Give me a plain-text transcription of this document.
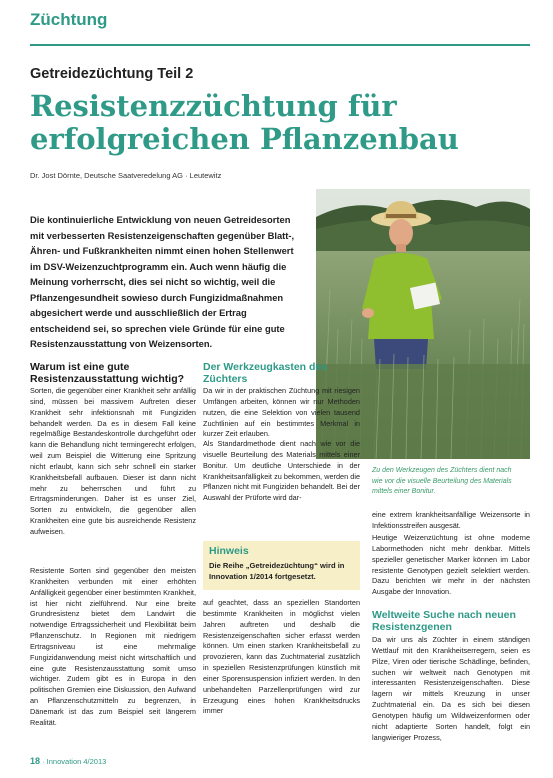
Züchtung
Getreidezüchtung Teil 2
Resistenzzüchtung für erfolgreichen Pflanzenbau
Dr. Jost Dörnte, Deutsche Saatveredelung AG · Leutewitz
Die kontinuierliche Entwicklung von neuen Getreidesorten mit verbesserten Resistenzeigenschaften gegenüber Blatt-, Ähren- und Fußkrankheiten nimmt einen hohen Stellenwert im DSV-Weizenzuchtprogramm ein. Auch wenn häufig die Meinung vorherrscht, dies sei nicht so wichtig, weil die Pflanzengesundheit sowieso durch Fungizidmaßnahmen abgesichert werde und ausschließlich der Ertrag entscheidend sei, so sprechen viele Gründe für eine gute Resistenzausstattung von Weizensorten.
Zu den Werkzeugen des Züchters dient nach wie vor die visuelle Beurteilung des Materials mittels einer Bonitur.
Warum ist eine gute Resistenzausstattung wichtig?
Sorten, die gegenüber einer Krankheit sehr anfällig sind, müssen bei massivem Auftreten dieser Krankheit sehr infektionsnah mit Fungiziden behandelt werden. Da es in diesem Fall keine regelmäßige Bestandeskontrolle durchgeführt oder kann die Behandlung nicht termingerecht erfolgen, weil zum Beispiel die Witterung eine Spritzung nicht erlaubt, kann sich sehr schnell ein starker Krankheitsbefall aufbauen. Dieser ist dann nicht mehr zu beherrschen und führt zu Ertragsminderungen. Daher ist es unser Ziel, Sorten zu entwickeln, die gegenüber allen Krankheiten eine gute bis ausreichende Resistenz aufweisen.
Resistente Sorten sind gegenüber den meisten Krankheiten verbunden mit einer erhöhten Anfälligkeit gegenüber einer bestimmten Krankheit, ist hier nicht zielführend. Nur eine breite Grundresistenz bietet dem Landwirt die notwendige Ertragssicherheit und Flexibilität beim Pflanzenschutz. In Regionen mit niedrigem Ertragsniveau ist eine mehrmalige Fungizidanwendung meist nicht wirtschaftlich und eine gute Resistenzausstattung somit umso wichtiger. Zudem gibt es in Europa in den politischen Gremien eine Diskussion, den Aufwand an Pflanzenschutzmitteln zu begrenzen, in Dänemark ist das zum Beispiel seit längerem Realität.
Der Werkzeugkasten des Züchters
Da wir in der praktischen Züchtung mit riesigen Umfängen arbeiten, können wir nur Methoden nutzen, die eine Selektion von vielen tausend Zuchtlinien auf ein bestimmtes Merkmal in kurzer Zeit erlauben.
Als Standardmethode dient nach wie vor die visuelle Beurteilung des Materials mittels einer Bonitur. Um deutliche Unterschiede in der Krankheitsanfälligkeit zu bekommen, werden die Pflanzen nicht mit Fungiziden behandelt. Bei der Auswahl der Prüforte wird dar-
Hinweis
Die Reihe „Getreidezüchtung“ wird in Innovation 1/2014 fortgesetzt.
auf geachtet, dass an speziellen Standorten bestimmte Krankheiten in möglichst vielen Jahren auftreten und deshalb die Resistenzeigenschaften sicher erfasst werden können. Um einen starken Krankheitsbefall zu provozieren, kann das Zuchtmaterial zusätzlich in speziellen Resistenzprüfungen künstlich mit einer Sporensuspension infiziert werden. In den unbehandelten Parzellenprüfungen wird zur Erzeugung eines hohen Krankheitsdrucks immer
eine extrem krankheitsanfällige Weizensorte in Infektionsstreifen ausgesät.
Heutige Weizenzüchtung ist ohne moderne Labormethoden nicht mehr denkbar. Mittels spezieller genetischer Marker können im Labor resistente Genotypen gezielt selektiert werden. Dazu berichten wir mehr in der nächsten Ausgabe der Innovation.
Weltweite Suche nach neuen Resistenzgenen
Da wir uns als Züchter in einem ständigen Wettlauf mit den Krankheitserregern, seien es Pilze, Viren oder tierische Schädlinge, befinden, suchen wir weltweit nach Genotypen mit interessanten Resistenzeigenschaften. Diese lagern wir mittels Kreuzung in unser Zuchtmaterial ein. Da es sich bei diesen Genotypen häufig um Wildweizenformen oder nicht adaptierte Sorten handelt, folgt ein langwieriger Prozess,
18 · Innovation 4/2013
